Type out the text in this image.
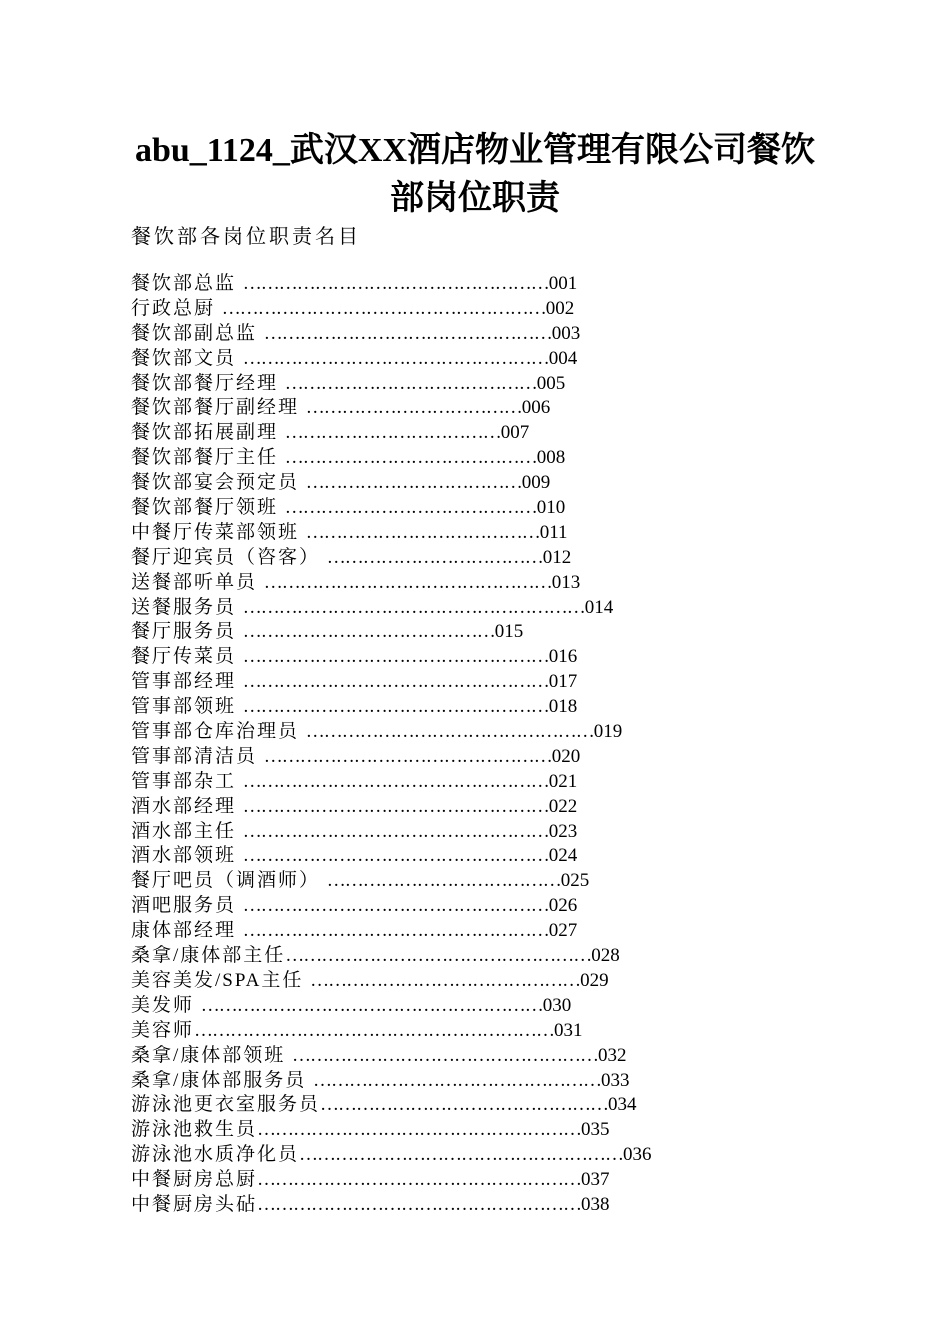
abu_1124_武汉XX酒店物业管理有限公司餐饮
部岗位职责
餐饮部各岗位职责名目
餐饮部总监 ……………………………………………001
行政总厨 ………………………………………………002
餐饮部副总监 …………………………………………003
餐饮部文员 ……………………………………………004
餐饮部餐厅经理 ……………………………………005
餐饮部餐厅副经理 ………………………………006
餐饮部拓展副理 ………………………………007
餐饮部餐厅主任 ……………………………………008
餐饮部宴会预定员 ………………………………009
餐饮部餐厅领班 ……………………………………010
中餐厅传菜部领班 …………………………………011
餐厅迎宾员（咨客） ………………………………012
送餐部听单员 …………………………………………013
送餐服务员 …………………………………………………014
餐厅服务员 ……………………………………015
餐厅传菜员 ……………………………………………016
管事部经理 ……………………………………………017
管事部领班 ……………………………………………018
管事部仓库治理员 …………………………………………019
管事部清洁员 …………………………………………020
管事部杂工 ……………………………………………021
酒水部经理 ……………………………………………022
酒水部主任 ……………………………………………023
酒水部领班 ……………………………………………024
餐厅吧员（调酒师） …………………………………025
酒吧服务员 ……………………………………………026
康体部经理 ……………………………………………027
桑拿/康体部主任……………………………………………028
美容美发/SPA主任 ………………………………………029
美发师 …………………………………………………030
美容师……………………………………………………031
桑拿/康体部领班 ……………………………………………032
桑拿/康体部服务员 …………………………………………033
游泳池更衣室服务员…………………………………………034
游泳池救生员………………………………………………035
游泳池水质净化员………………………………………………036
中餐厨房总厨………………………………………………037
中餐厨房头砧………………………………………………038
